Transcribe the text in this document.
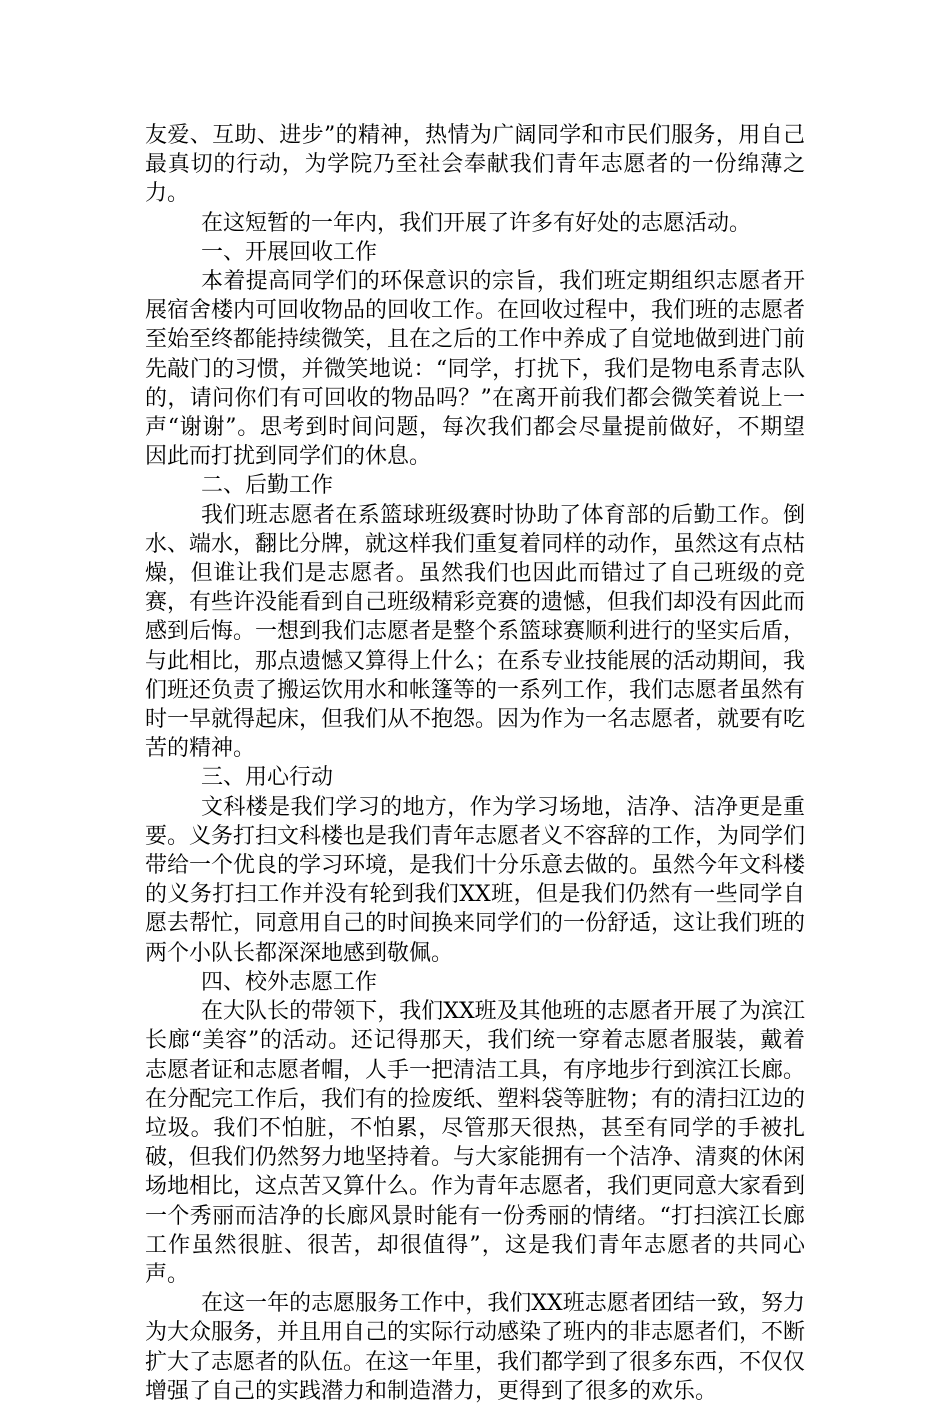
友爱、互助、进步”的精神，热情为广阔同学和市民们服务，用自己最真切的行动，为学院乃至社会奉献我们青年志愿者的一份绵薄之力。

在这短暂的一年内，我们开展了许多有好处的志愿活动。

一、开展回收工作

本着提高同学们的环保意识的宗旨，我们班定期组织志愿者开展宿舍楼内可回收物品的回收工作。在回收过程中，我们班的志愿者至始至终都能持续微笑，且在之后的工作中养成了自觉地做到进门前先敲门的习惯，并微笑地说：“同学，打扰下，我们是物电系青志队的，请问你们有可回收的物品吗？”在离开前我们都会微笑着说上一声“谢谢”。思考到时间问题，每次我们都会尽量提前做好，不期望因此而打扰到同学们的休息。

二、后勤工作

我们班志愿者在系篮球班级赛时协助了体育部的后勤工作。倒水、端水，翻比分牌，就这样我们重复着同样的动作，虽然这有点枯燥，但谁让我们是志愿者。虽然我们也因此而错过了自己班级的竞赛，有些许没能看到自己班级精彩竞赛的遗憾，但我们却没有因此而感到后悔。一想到我们志愿者是整个系篮球赛顺利进行的坚实后盾，与此相比，那点遗憾又算得上什么；在系专业技能展的活动期间，我们班还负责了搬运饮用水和帐篷等的一系列工作，我们志愿者虽然有时一早就得起床，但我们从不抱怨。因为作为一名志愿者，就要有吃苦的精神。

三、用心行动

文科楼是我们学习的地方，作为学习场地，洁净、洁净更是重要。义务打扫文科楼也是我们青年志愿者义不容辞的工作，为同学们带给一个优良的学习环境，是我们十分乐意去做的。虽然今年文科楼的义务打扫工作并没有轮到我们XX班，但是我们仍然有一些同学自愿去帮忙，同意用自己的时间换来同学们的一份舒适，这让我们班的两个小队长都深深地感到敬佩。

四、校外志愿工作

在大队长的带领下，我们XX班及其他班的志愿者开展了为滨江长廊“美容”的活动。还记得那天，我们统一穿着志愿者服装，戴着志愿者证和志愿者帽，人手一把清洁工具，有序地步行到滨江长廊。在分配完工作后，我们有的捡废纸、塑料袋等脏物；有的清扫江边的垃圾。我们不怕脏，不怕累，尽管那天很热，甚至有同学的手被扎破，但我们仍然努力地坚持着。与大家能拥有一个洁净、清爽的休闲场地相比，这点苦又算什么。作为青年志愿者，我们更同意大家看到一个秀丽而洁净的长廊风景时能有一份秀丽的情绪。“打扫滨江长廊工作虽然很脏、很苦，却很值得”，这是我们青年志愿者的共同心声。

在这一年的志愿服务工作中，我们XX班志愿者团结一致，努力为大众服务，并且用自己的实际行动感染了班内的非志愿者们，不断扩大了志愿者的队伍。在这一年里，我们都学到了很多东西，不仅仅增强了自己的实践潜力和制造潜力，更得到了很多的欢乐。
